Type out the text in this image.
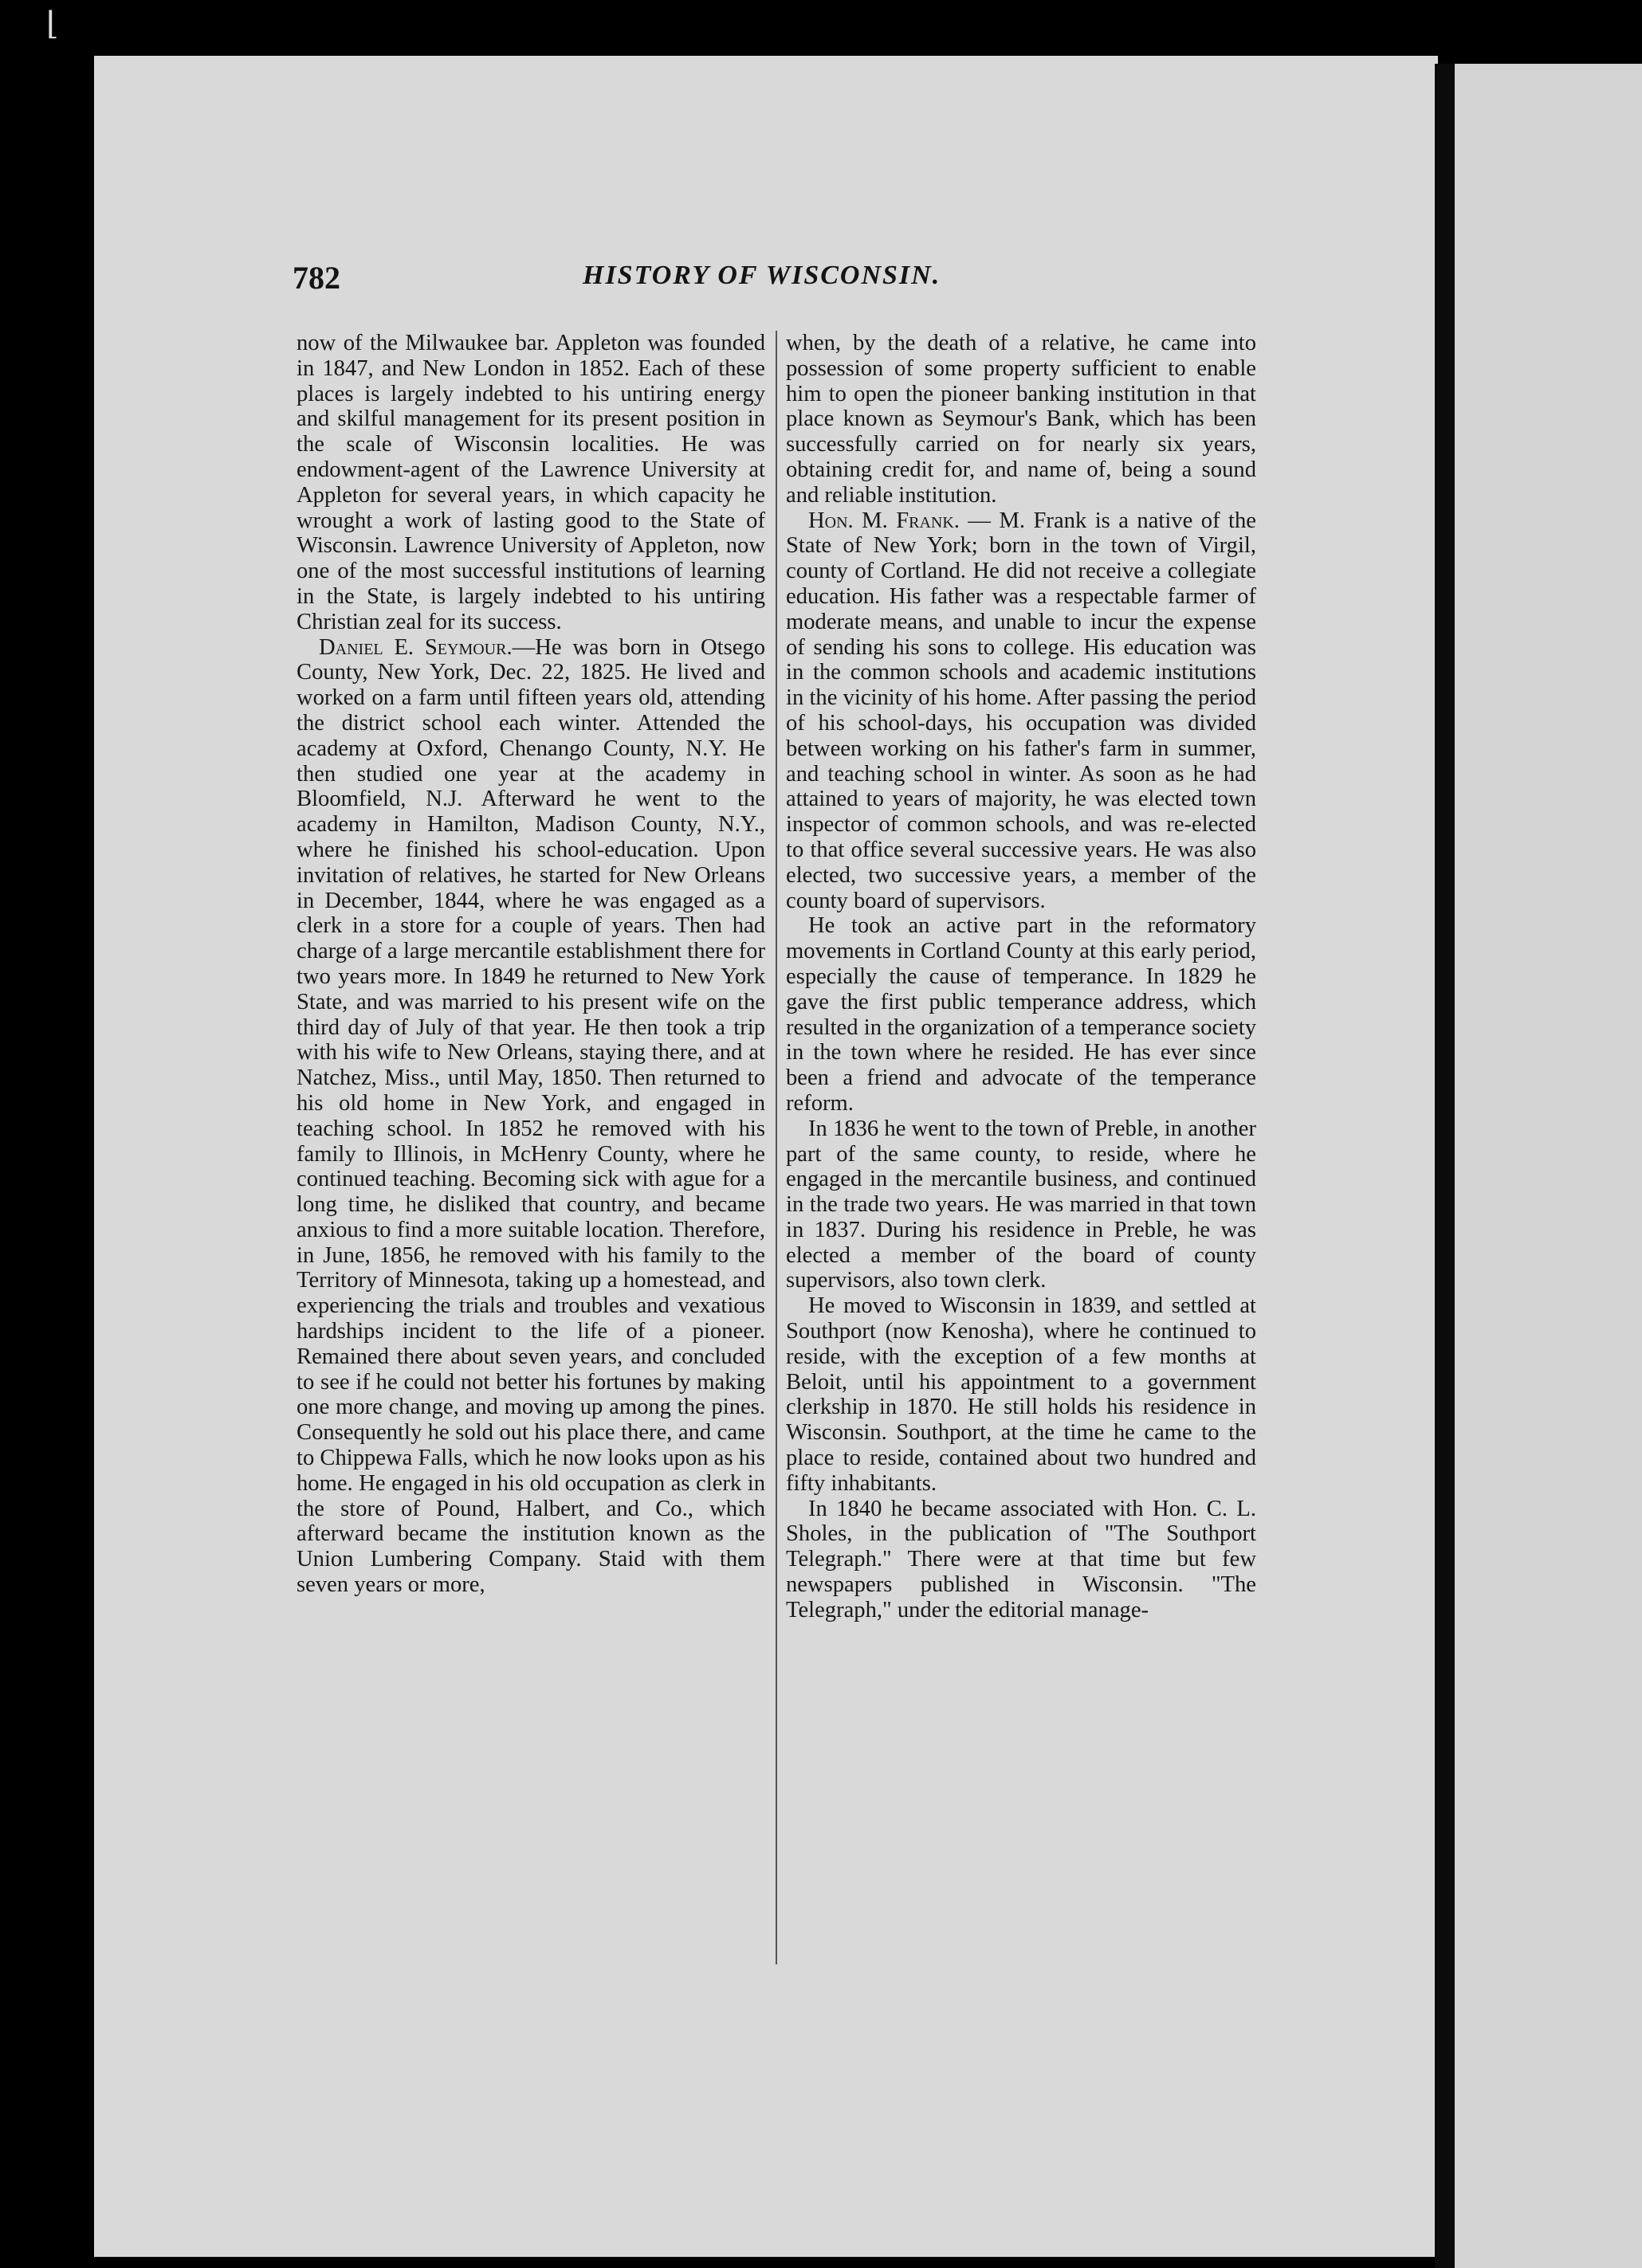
⌊
782	HISTORY OF WISCONSIN.

now of the Milwaukee bar. Appleton was founded in 1847, and New London in 1852. Each of these places is largely indebted to his untiring energy and skilful management for its present position in the scale of Wisconsin localities. He was endowment-agent of the Lawrence University at Appleton for several years, in which capacity he wrought a work of lasting good to the State of Wisconsin. Lawrence University of Appleton, now one of the most successful institutions of learning in the State, is largely indebted to his untiring Christian zeal for its success.

Daniel E. Seymour.—He was born in Otsego County, New York, Dec. 22, 1825. He lived and worked on a farm until fifteen years old, attending the district school each winter. Attended the academy at Oxford, Chenango County, N.Y. He then studied one year at the academy in Bloomfield, N.J. Afterward he went to the academy in Hamilton, Madison County, N.Y., where he finished his school-education. Upon invitation of relatives, he started for New Orleans in December, 1844, where he was engaged as a clerk in a store for a couple of years. Then had charge of a large mercantile establishment there for two years more. In 1849 he returned to New York State, and was married to his present wife on the third day of July of that year. He then took a trip with his wife to New Orleans, staying there, and at Natchez, Miss., until May, 1850. Then returned to his old home in New York, and engaged in teaching school. In 1852 he removed with his family to Illinois, in McHenry County, where he continued teaching. Becoming sick with ague for a long time, he disliked that country, and became anxious to find a more suitable location. Therefore, in June, 1856, he removed with his family to the Territory of Minnesota, taking up a homestead, and experiencing the trials and troubles and vexatious hardships incident to the life of a pioneer. Remained there about seven years, and concluded to see if he could not better his fortunes by making one more change, and moving up among the pines. Consequently he sold out his place there, and came to Chippewa Falls, which he now looks upon as his home. He engaged in his old occupation as clerk in the store of Pound, Halbert, and Co., which afterward became the institution known as the Union Lumbering Company. Staid with them seven years or more,

when, by the death of a relative, he came into possession of some property sufficient to enable him to open the pioneer banking institution in that place known as Seymour's Bank, which has been successfully carried on for nearly six years, obtaining credit for, and name of, being a sound and reliable institution.

Hon. M. Frank. — M. Frank is a native of the State of New York; born in the town of Virgil, county of Cortland. He did not receive a collegiate education. His father was a respectable farmer of moderate means, and unable to incur the expense of sending his sons to college. His education was in the common schools and academic institutions in the vicinity of his home. After passing the period of his school-days, his occupation was divided between working on his father's farm in summer, and teaching school in winter. As soon as he had attained to years of majority, he was elected town inspector of common schools, and was re-elected to that office several successive years. He was also elected, two successive years, a member of the county board of supervisors.

He took an active part in the reformatory movements in Cortland County at this early period, especially the cause of temperance. In 1829 he gave the first public temperance address, which resulted in the organization of a temperance society in the town where he resided. He has ever since been a friend and advocate of the temperance reform.

In 1836 he went to the town of Preble, in another part of the same county, to reside, where he engaged in the mercantile business, and continued in the trade two years. He was married in that town in 1837. During his residence in Preble, he was elected a member of the board of county supervisors, also town clerk.

He moved to Wisconsin in 1839, and settled at Southport (now Kenosha), where he continued to reside, with the exception of a few months at Beloit, until his appointment to a government clerkship in 1870. He still holds his residence in Wisconsin. Southport, at the time he came to the place to reside, contained about two hundred and fifty inhabitants.

In 1840 he became associated with Hon. C. L. Sholes, in the publication of "The Southport Telegraph." There were at that time but few newspapers published in Wisconsin. "The Telegraph," under the editorial manage-
